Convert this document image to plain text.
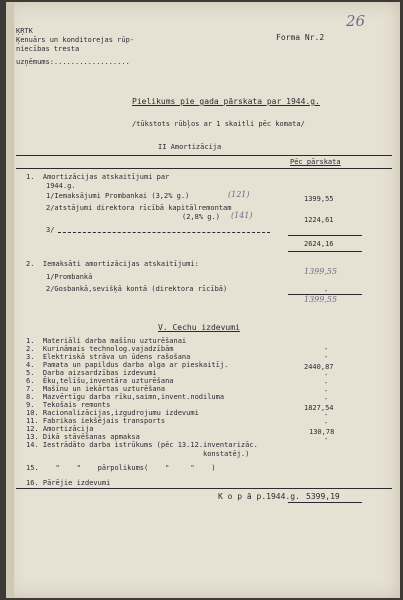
ĶŖTK
Ķenuārs un konditorejas rūp-
niecības tresta
uzņēmums:..................
Forma Nr.2
26
Pielikums pie gada pārskata par 1944.g.
/tūkstots rūbļos ar 1 skaitli pēc komata/
II Amortizācija
Pēc pārskata
1.  Amortizācijas atskaitījumi par
1944.g.
1/Iemaksājumi Prombankai (3,2% g.)	(121)	1399,55
2/atstājumi direktora rīcībā kapitālremontam
(2,8% g.) (141)	1224,61
3/
2624,16
2.  Iemaksāti amortizācijas atskaitījumi:
1/Prombankā
1399,55
2/Gosbankā,sevišķā kontā (direktora rīcībā)	-
1399,55
V. Cechu izdevumi
1.  Materiāli darba mašīnu uzturēšanai
2.  Kurināmais technolog.vajadzībām	-
3.  Elektriskā strāva un ūdens rašošana	-
4.  Pamata un papildus darba alga ar pieskaitīj.	2440,87
5.  Darba aizsardzības izdevumi	-
6.  Ēku,telīšu,inventāra uzturēšana	-
7.  Mašīnu un iekārtas uzturēšana	-
8.  Mazvērtīgu darba rīku,saimn,invent.nodiluma	-
9.  Tekošais remonts	1827,54
10. Racionalizācijas,izgudrojumu izdevumi	-
11. Fabrikas iekšējais transports	-
12. Amortizācija	130,78
13. Dikā stāvēšanas apmaksa	-
14. Iestrādāto darba istrūkums (pēc 13.12.inventarizāc.
konstatēj.)
15.    "    "    pārpolikums(    "     "    )
16. Pārējie izdevumi
K o p ā p.1944.g. 5399,19
